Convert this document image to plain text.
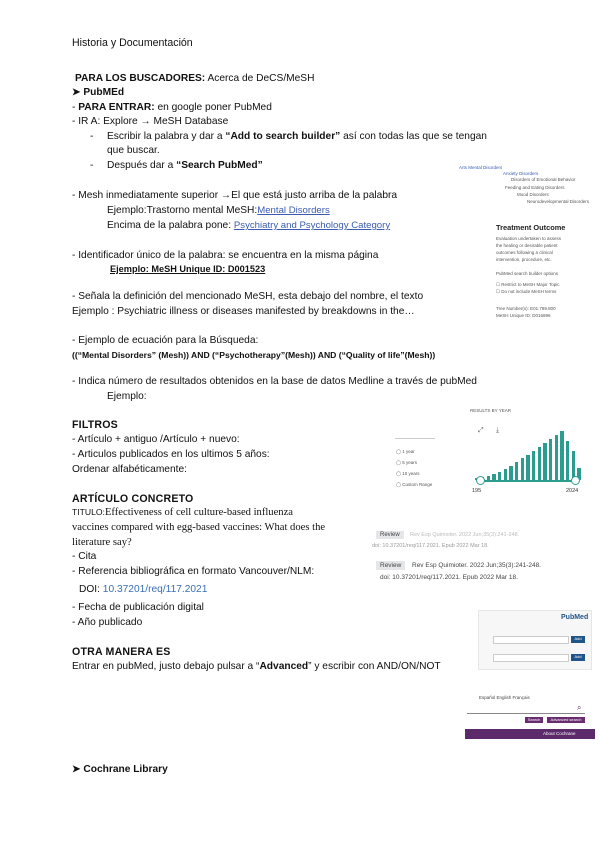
Historia y Documentación
PARA LOS BUSCADORES: Acerca de DeCS/MeSH
➤ PubMEd
- PARA ENTRAR: en google poner PubMed
- IR A: Explore → MeSH Database
- Escribir la palabra y dar a “Add to search builder” así con todas las que se tengan
que buscar.
- Después dar a “Search PubMed”
- Mesh inmediatamente superior →El que está justo arriba de la palabra
Ejemplo:Trastorno mental MeSH:Mental Disorders
Encima de la palabra pone: Psychiatry and Psychology Category
- Identificador único de la palabra: se encuentra en la misma página
Ejemplo: MeSH Unique ID: D001523
- Señala la definición del mencionado MeSH, esta debajo del nombre, el texto
Ejemplo : Psychiatric illness or diseases manifested by breakdowns in the…
- Ejemplo de ecuación para la Búsqueda:
((“Mental Disorders” (Mesh)) AND (“Psychotherapy”(Mesh)) AND (“Quality of life”(Mesh))
- Indica número de resultados obtenidos en la base de datos Medline a través de pubMed
Ejemplo:
FILTROS
- Artículo + antiguo /Artículo + nuevo:
- Articulos publicados en los ultimos 5 años:
Ordenar alfabéticamente:
ARTÍCULO CONCRETO
TITULO:Effectiveness of cell culture-based influenza
vaccines compared with egg-based vaccines: What does the
literature say?
- Cita
- Referencia bibliográfica en formato Vancouver/NLM:
DOI: 10.37201/req/117.2021
- Fecha de publicación digital
- Año publicado
OTRA MANERA ES
Entrar en pubMed, justo debajo pulsar a “Advanced” y escribir con AND/ON/NOT
➤ Cochrane Library
Arts Mental Disorders
Anxiety Disorders
Disorders of Emotional Behavior
Feeding and Eating Disorders
Mood Disorders
Neurodevelopmental Disorders
Treatment Outcome
Evaluation undertaken to assess
the healing or desirable patient
outcomes following a clinical
intervention, procedure, etc.
PubMed search builder options
☐ Restrict to MeSH Major Topic
☐ Do not include MeSH terms
Tree Number(s): E01.789.800
MeSH Unique ID: D016896
RESULTS BY YEAR
⤢ ⤓
◯ 1 year
◯ 5 years
◯ 10 years
◯ Custom Range
195	2024
Review	Rev Esp Quimioter. 2022 Jun;35(3):241-248.
doi: 10.37201/req/117.2021. Epub 2022 Mar 18.
Review	Rev Esp Quimioter. 2022 Jun;35(3):241-248.
doi: 10.37201/req/117.2021. Epub 2022 Mar 18.
PubMed
Add
Add
Español English Français
⌕
Search	Advanced search
About Cochrane
